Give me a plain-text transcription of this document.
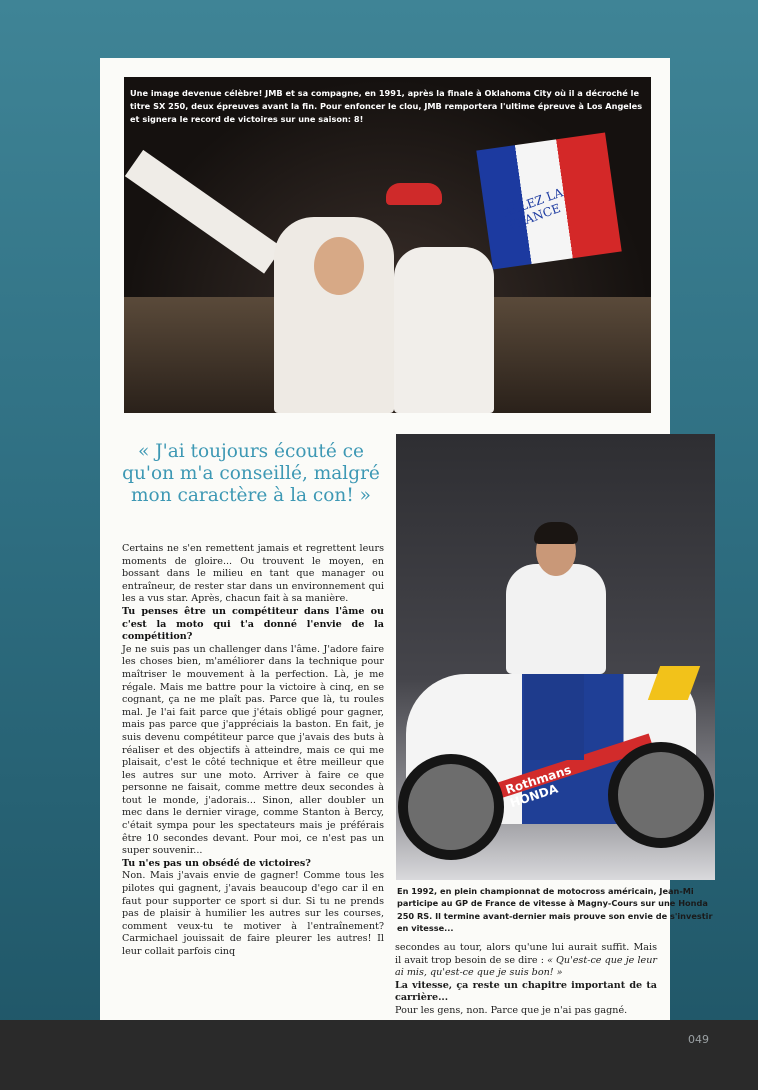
049
ALLEZ LA FRANCE
Une image devenue célèbre! JMB et sa compagne, en 1991, après la finale à Oklahoma City où il a décroché le titre SX 250, deux épreuves avant la fin. Pour enfoncer le clou, JMB remportera l'ultime épreuve à Los Angeles et signera le record de victoires sur une saison: 8!
« J'ai toujours écouté ce qu'on m'a conseillé, malgré mon caractère à la con! »

Certains ne s'en remettent jamais et regrettent leurs moments de gloire... Ou trouvent le moyen, en bossant dans le milieu en tant que manager ou entraîneur, de rester star dans un environnement qui les a vus star. Après, chacun fait à sa manière.

Tu penses être un compétiteur dans l'âme ou c'est la moto qui t'a donné l'envie de la compétition?

Je ne suis pas un challenger dans l'âme. J'adore faire les choses bien, m'améliorer dans la technique pour maîtriser le mouvement à la perfection. Là, je me régale. Mais me battre pour la victoire à cinq, en se cognant, ça ne me plaît pas. Parce que là, tu roules mal. Je l'ai fait parce que j'étais obligé pour gagner, mais pas parce que j'appréciais la baston. En fait, je suis devenu compétiteur parce que j'avais des buts à réaliser et des objectifs à atteindre, mais ce qui me plaisait, c'est le côté technique et être meilleur que les autres sur une moto. Arriver à faire ce que personne ne faisait, comme mettre deux secondes à tout le monde, j'adorais... Sinon, aller doubler un mec dans le dernier virage, comme Stanton à Bercy, c'était sympa pour les spectateurs mais je préférais être 10 secondes devant. Pour moi, ce n'est pas un super souvenir...

Tu n'es pas un obsédé de victoires?

Non. Mais j'avais envie de gagner! Comme tous les pilotes qui gagnent, j'avais beaucoup d'ego car il en faut pour supporter ce sport si dur. Si tu ne prends pas de plaisir à humilier les autres sur les courses, comment veux-tu te motiver à l'entraînement? Carmichael jouissait de faire pleurer les autres! Il leur collait parfois cinq

Rothmans HONDA
En 1992, en plein championnat de motocross américain, Jean-Mi participe au GP de France de vitesse à Magny-Cours sur une Honda 250 RS. Il termine avant-dernier mais prouve son envie de s'investir en vitesse...

secondes au tour, alors qu'une lui aurait suffit. Mais il avait trop besoin de se dire : « Qu'est-ce que je leur ai mis, qu'est-ce que je suis bon! »

La vitesse, ça reste un chapitre important de ta carrière...

Pour les gens, non. Parce que je n'ai pas gagné.
